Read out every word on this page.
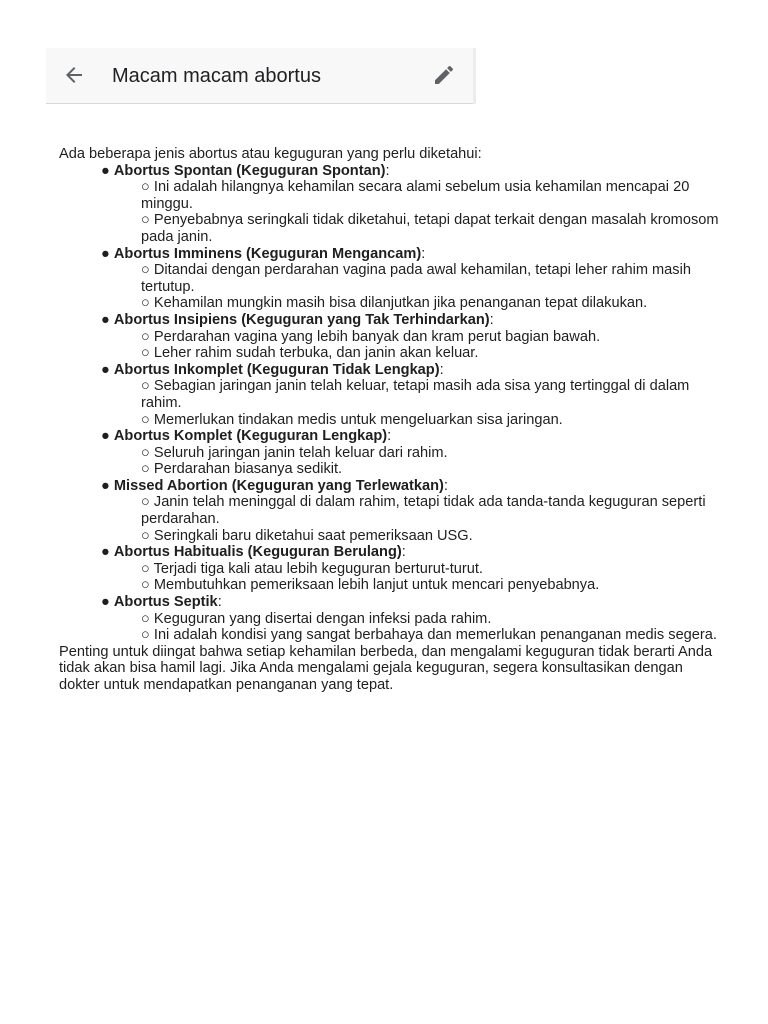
Macam macam abortus

Ada beberapa jenis abortus atau keguguran yang perlu diketahui:

● Abortus Spontan (Keguguran Spontan):
○ Ini adalah hilangnya kehamilan secara alami sebelum usia kehamilan mencapai 20 minggu.
○ Penyebabnya seringkali tidak diketahui, tetapi dapat terkait dengan masalah kromosom pada janin.
● Abortus Imminens (Keguguran Mengancam):
○ Ditandai dengan perdarahan vagina pada awal kehamilan, tetapi leher rahim masih tertutup.
○ Kehamilan mungkin masih bisa dilanjutkan jika penanganan tepat dilakukan.
● Abortus Insipiens (Keguguran yang Tak Terhindarkan):
○ Perdarahan vagina yang lebih banyak dan kram perut bagian bawah.
○ Leher rahim sudah terbuka, dan janin akan keluar.
● Abortus Inkomplet (Keguguran Tidak Lengkap):
○ Sebagian jaringan janin telah keluar, tetapi masih ada sisa yang tertinggal di dalam rahim.
○ Memerlukan tindakan medis untuk mengeluarkan sisa jaringan.
● Abortus Komplet (Keguguran Lengkap):
○ Seluruh jaringan janin telah keluar dari rahim.
○ Perdarahan biasanya sedikit.
● Missed Abortion (Keguguran yang Terlewatkan):
○ Janin telah meninggal di dalam rahim, tetapi tidak ada tanda-tanda keguguran seperti perdarahan.
○ Seringkali baru diketahui saat pemeriksaan USG.
● Abortus Habitualis (Keguguran Berulang):
○ Terjadi tiga kali atau lebih keguguran berturut-turut.
○ Membutuhkan pemeriksaan lebih lanjut untuk mencari penyebabnya.
● Abortus Septik:
○ Keguguran yang disertai dengan infeksi pada rahim.
○ Ini adalah kondisi yang sangat berbahaya dan memerlukan penanganan medis segera.

Penting untuk diingat bahwa setiap kehamilan berbeda, dan mengalami keguguran tidak berarti Anda tidak akan bisa hamil lagi. Jika Anda mengalami gejala keguguran, segera konsultasikan dengan dokter untuk mendapatkan penanganan yang tepat.
